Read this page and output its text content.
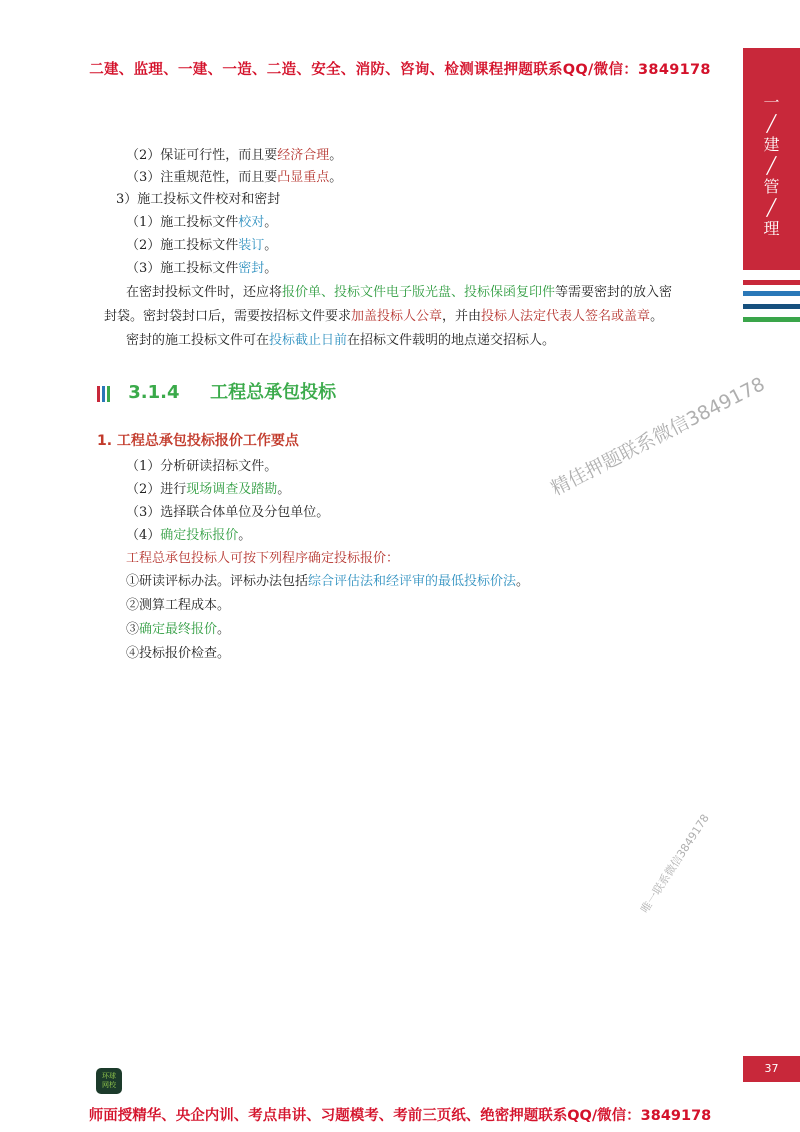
二建、监理、一建、一造、二造、安全、消防、咨询、检测课程押题联系QQ/微信：3849178
一
╱
建
╱
管
╱
理
（2）保证可行性，而且要经济合理。
（3）注重规范性，而且要凸显重点。
3）施工投标文件校对和密封
（1）施工投标文件校对。
（2）施工投标文件装订。
（3）施工投标文件密封。
在密封投标文件时，还应将报价单、投标文件电子版光盘、投标保函复印件等需要密封的放入密
封袋。密封袋封口后，需要按招标文件要求加盖投标人公章，并由投标人法定代表人签名或盖章。
密封的施工投标文件可在投标截止日前在招标文件载明的地点递交招标人。
3.1.4 工程总承包投标
1. 工程总承包投标报价工作要点
（1）分析研读招标文件。
（2）进行现场调查及踏勘。
（3）选择联合体单位及分包单位。
（4）确定投标报价。
工程总承包投标人可按下列程序确定投标报价：
①研读评标办法。评标办法包括综合评估法和经评审的最低投标价法。
②测算工程成本。
③确定最终报价。
④投标报价检查。
精佳押题联系微信3849178
唯一联系微信3849178
环球
网校
37
师面授精华、央企内训、考点串讲、习题模考、考前三页纸、绝密押题联系QQ/微信：3849178
